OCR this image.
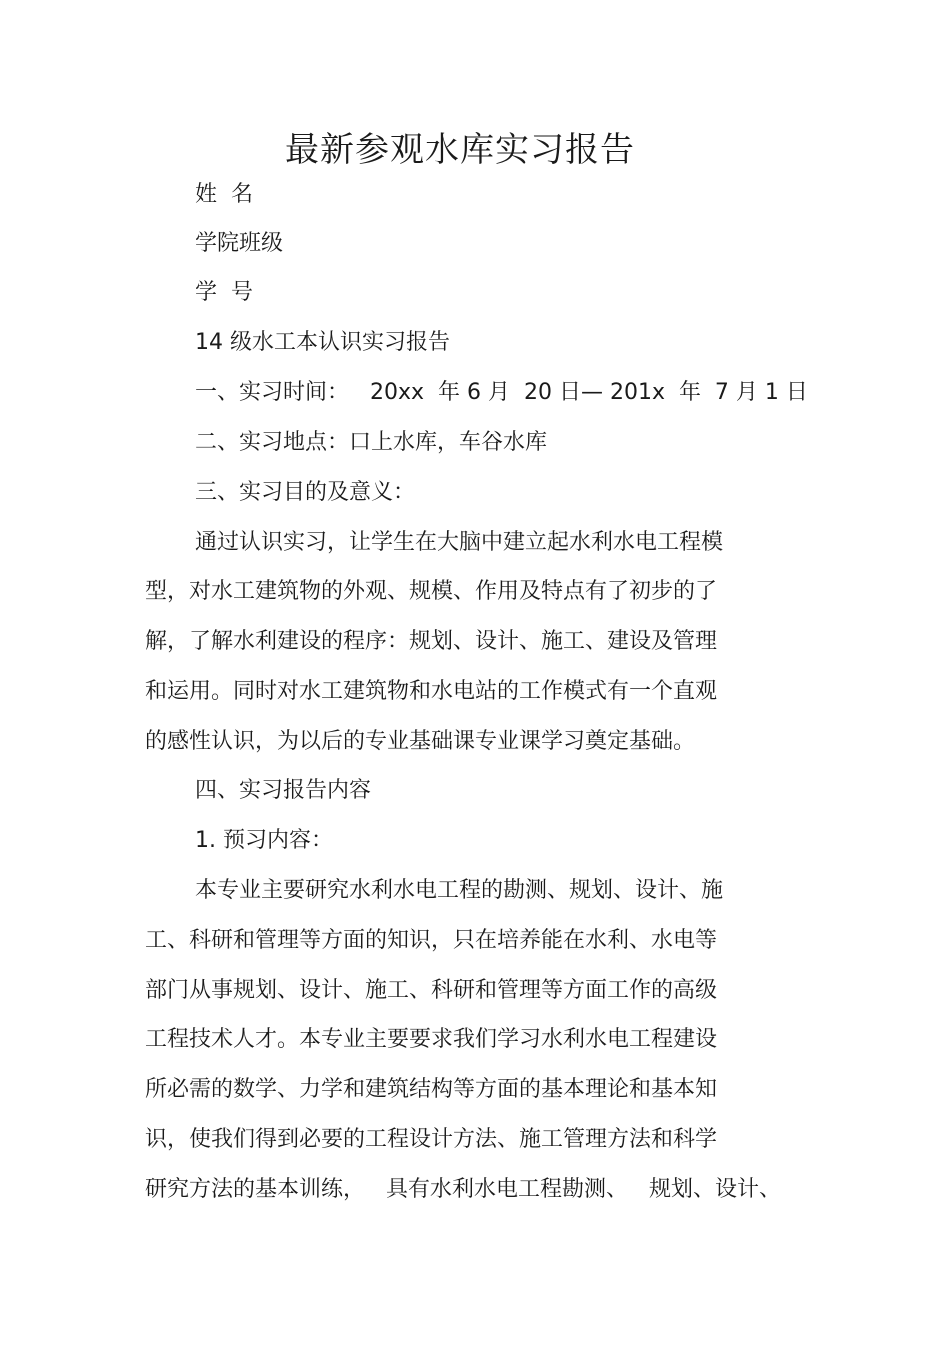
最新参观水库实习报告
姓  名
学院班级
学  号
14 级水工本认识实习报告
一、实习时间：   20xx  年 6 月  20 日— 201x  年  7 月 1 日
二、实习地点：口上水库，车谷水库
三、实习目的及意义：
通过认识实习，让学生在大脑中建立起水利水电工程模
型，对水工建筑物的外观、规模、作用及特点有了初步的了
解，了解水利建设的程序：规划、设计、施工、建设及管理
和运用。同时对水工建筑物和水电站的工作模式有一个直观
的感性认识，为以后的专业基础课专业课学习奠定基础。
四、实习报告内容
1. 预习内容：
本专业主要研究水利水电工程的勘测、规划、设计、施
工、科研和管理等方面的知识，只在培养能在水利、水电等
部门从事规划、设计、施工、科研和管理等方面工作的高级
工程技术人才。本专业主要要求我们学习水利水电工程建设
所必需的数学、力学和建筑结构等方面的基本理论和基本知
识，使我们得到必要的工程设计方法、施工管理方法和科学
研究方法的基本训练，   具有水利水电工程勘测、   规划、设计、
